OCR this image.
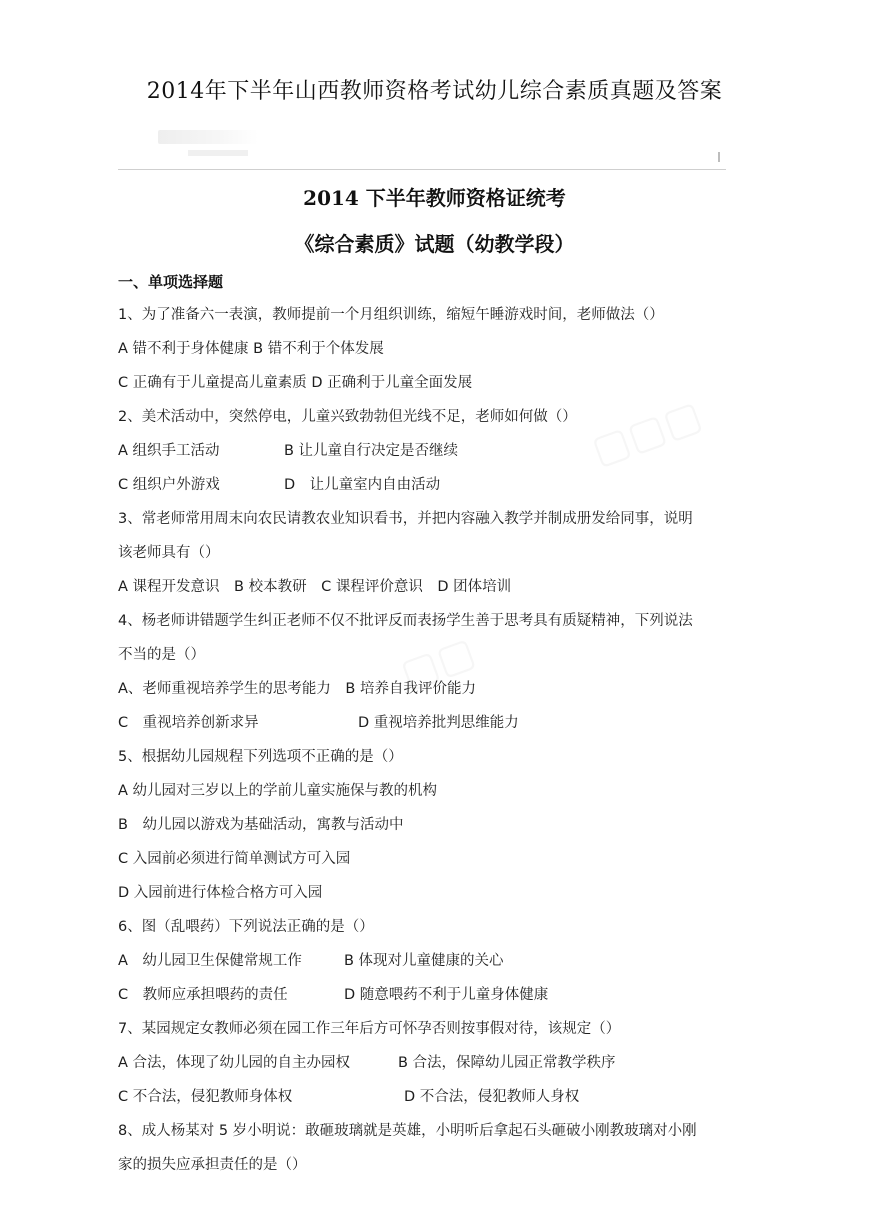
2014年下半年山西教师资格考试幼儿综合素质真题及答案
2014 下半年教师资格证统考
《综合素质》试题（幼教学段）
一、单项选择题
1、为了准备六一表演，教师提前一个月组织训练，缩短午睡游戏时间，老师做法（）
A 错不利于身体健康 B 错不利于个体发展
C 正确有于儿童提高儿童素质 D 正确利于儿童全面发展
2、美术活动中，突然停电，儿童兴致勃勃但光线不足，老师如何做（）
A 组织手工活动	B 让儿童自行决定是否继续
C 组织户外游戏	D　让儿童室内自由活动
3、常老师常用周末向农民请教农业知识看书，并把内容融入教学并制成册发给同事，说明
该老师具有（）
A 课程开发意识　B 校本教研　C 课程评价意识　D 团体培训
4、杨老师讲错题学生纠正老师不仅不批评反而表扬学生善于思考具有质疑精神，下列说法
不当的是（）
A、老师重视培养学生的思考能力　B 培养自我评价能力
C　重视培养创新求异	D 重视培养批判思维能力
5、根据幼儿园规程下列选项不正确的是（）
A 幼儿园对三岁以上的学前儿童实施保与教的机构
B　幼儿园以游戏为基础活动，寓教与活动中
C 入园前必须进行简单测试方可入园
D 入园前进行体检合格方可入园
6、图（乱喂药）下列说法正确的是（）
A　幼儿园卫生保健常规工作	B 体现对儿童健康的关心
C　教师应承担喂药的责任	D 随意喂药不利于儿童身体健康
7、某园规定女教师必须在园工作三年后方可怀孕否则按事假对待，该规定（）
A 合法，体现了幼儿园的自主办园权	B 合法，保障幼儿园正常教学秩序
C 不合法，侵犯教师身体权	D 不合法，侵犯教师人身权
8、成人杨某对 5 岁小明说：敢砸玻璃就是英雄，小明听后拿起石头砸破小刚教玻璃对小刚
家的损失应承担责任的是（）
